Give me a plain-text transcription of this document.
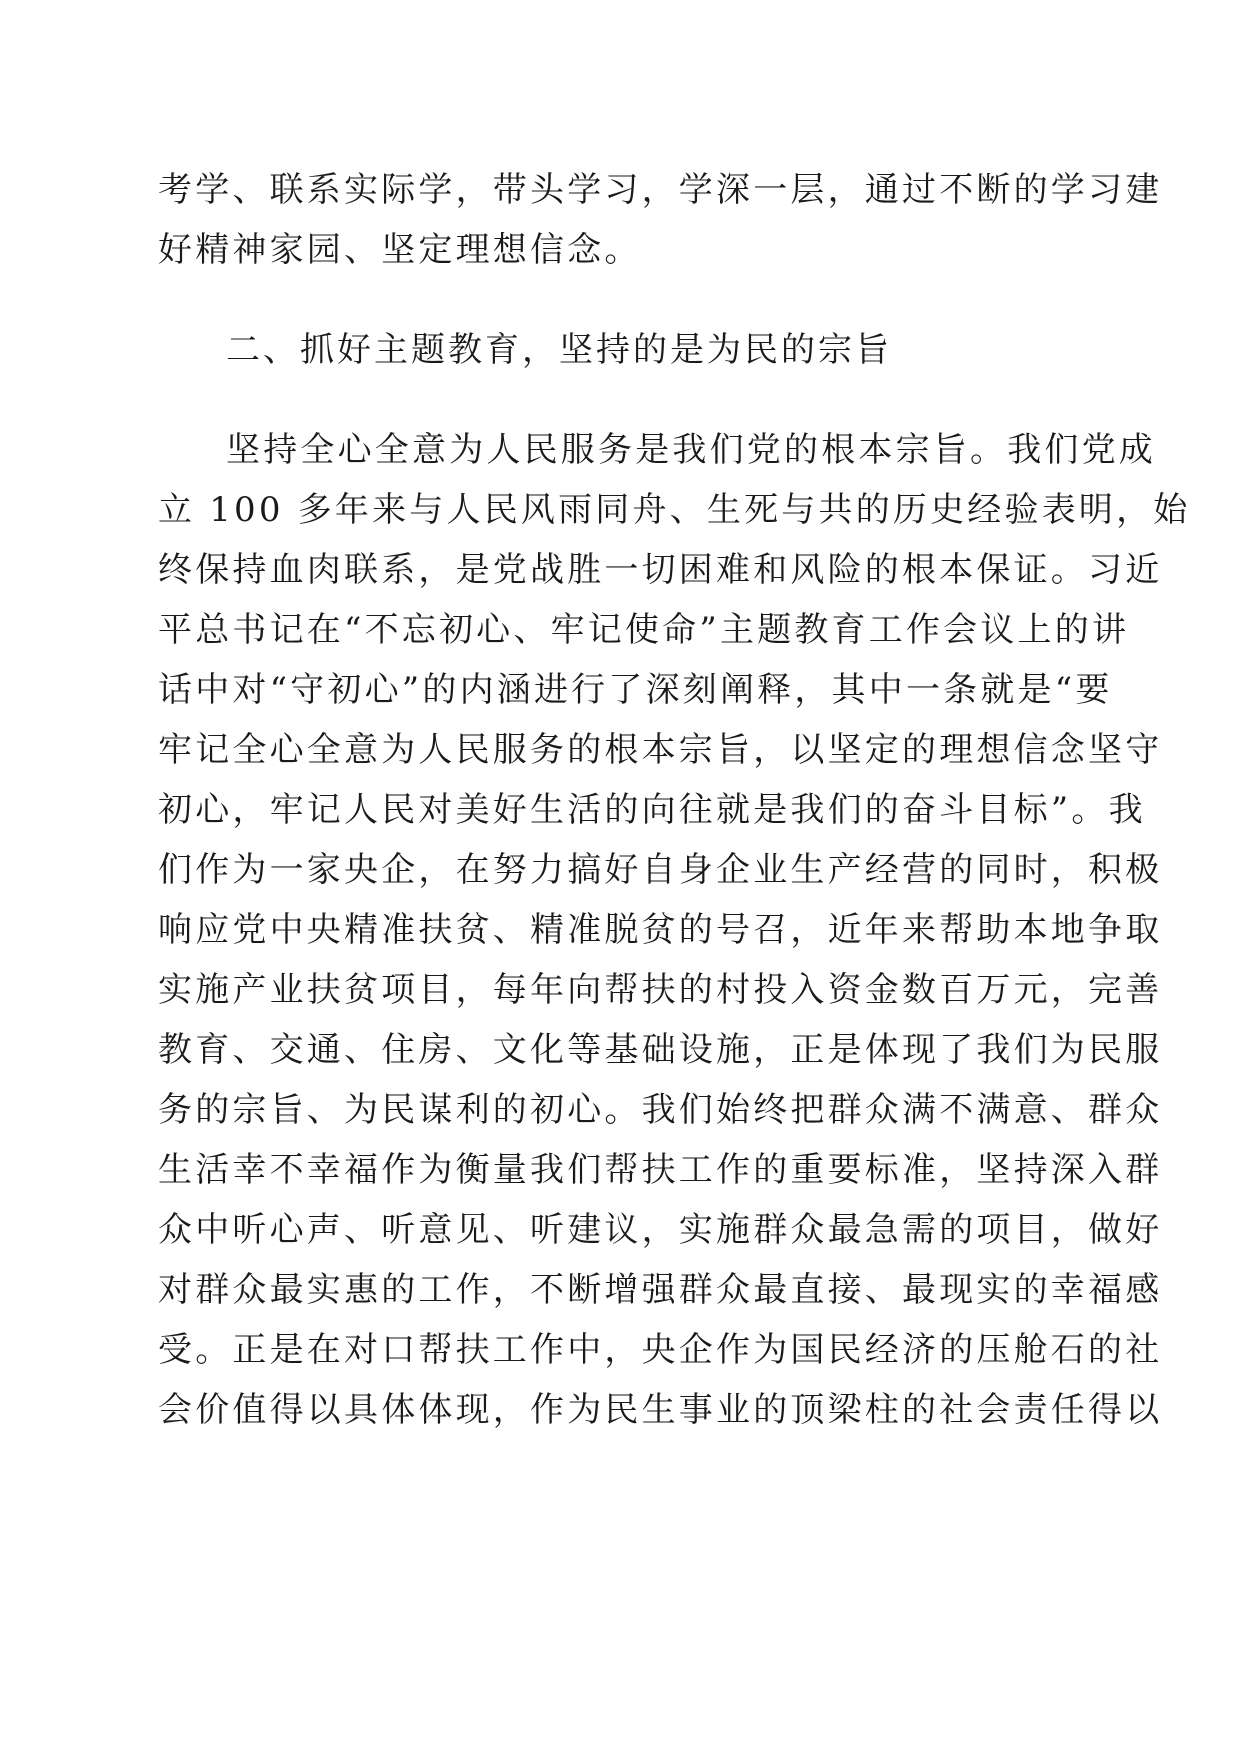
考学、联系实际学，带头学习，学深一层，通过不断的学习建
好精神家园、坚定理想信念。
二、抓好主题教育，坚持的是为民的宗旨
坚持全心全意为人民服务是我们党的根本宗旨。我们党成
立 100 多年来与人民风雨同舟、生死与共的历史经验表明，始
终保持血肉联系，是党战胜一切困难和风险的根本保证。习近
平总书记在“不忘初心、牢记使命”主题教育工作会议上的讲
话中对“守初心”的内涵进行了深刻阐释，其中一条就是“要
牢记全心全意为人民服务的根本宗旨，以坚定的理想信念坚守
初心，牢记人民对美好生活的向往就是我们的奋斗目标”。我
们作为一家央企，在努力搞好自身企业生产经营的同时，积极
响应党中央精准扶贫、精准脱贫的号召，近年来帮助本地争取
实施产业扶贫项目，每年向帮扶的村投入资金数百万元，完善
教育、交通、住房、文化等基础设施，正是体现了我们为民服
务的宗旨、为民谋利的初心。我们始终把群众满不满意、群众
生活幸不幸福作为衡量我们帮扶工作的重要标准，坚持深入群
众中听心声、听意见、听建议，实施群众最急需的项目，做好
对群众最实惠的工作，不断增强群众最直接、最现实的幸福感
受。正是在对口帮扶工作中，央企作为国民经济的压舱石的社
会价值得以具体体现，作为民生事业的顶梁柱的社会责任得以
